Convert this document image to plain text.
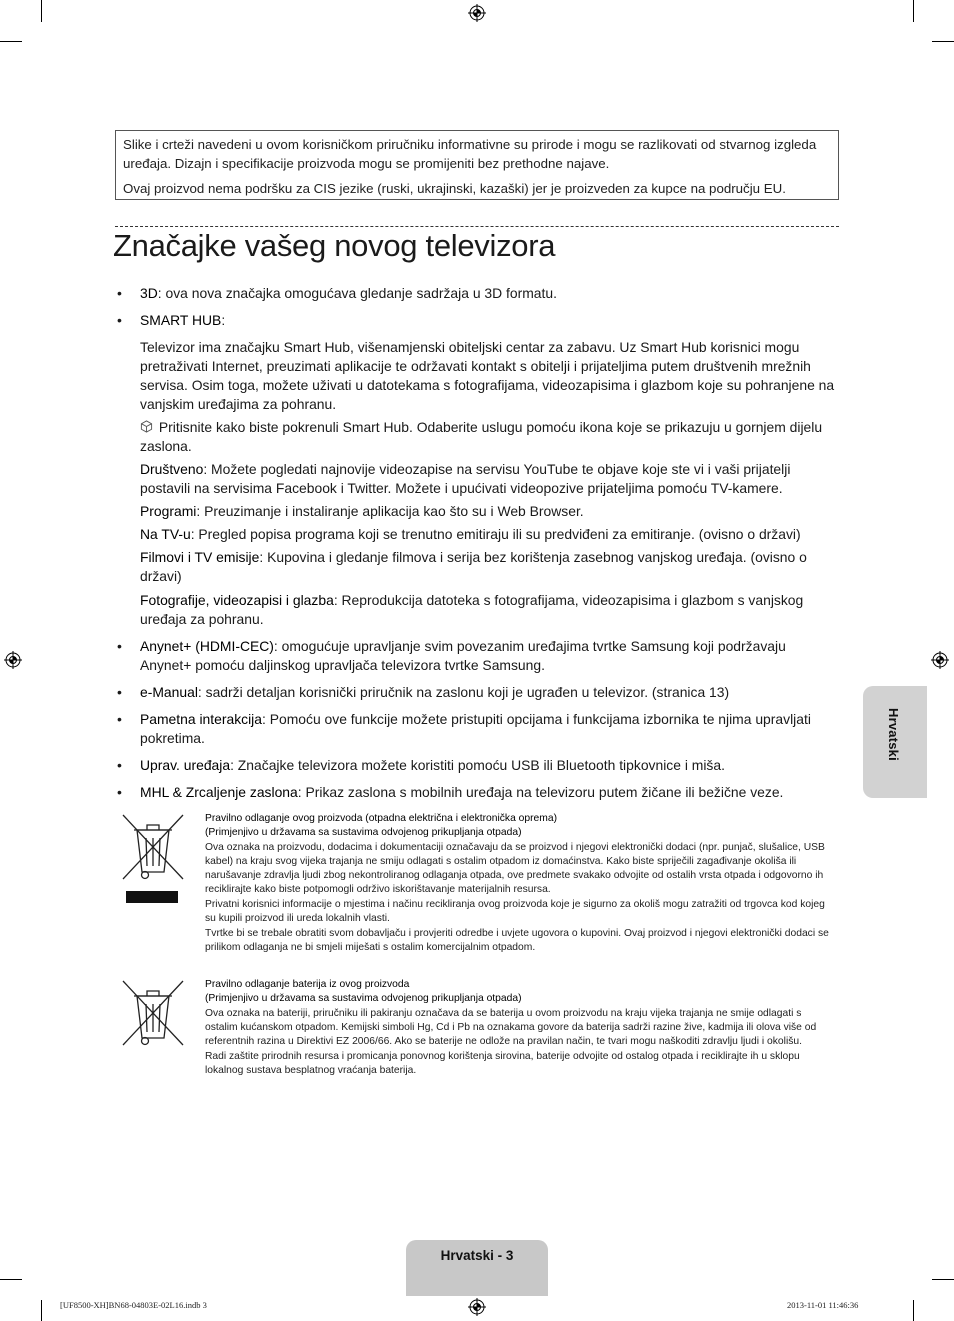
Slike i crteži navedeni u ovom korisničkom priručniku informativne su prirode i mogu se razlikovati od stvarnog izgleda uređaja. Dizajn i specifikacije proizvoda mogu se promijeniti bez prethodne najave.

Ovaj proizvod nema podršku za CIS jezike (ruski, ukrajinski, kazaški) jer je proizveden za kupce na području EU.

Značajke vašeg novog televizora
• 3D: ova nova značajka omogućava gledanje sadržaja u 3D formatu.
• SMART HUB:

Televizor ima značajku Smart Hub, višenamjenski obiteljski centar za zabavu. Uz Smart Hub korisnici mogu pretraživati Internet, preuzimati aplikacije te održavati kontakt s obitelji i prijateljima putem društvenih mrežnih servisa. Osim toga, možete uživati u datotekama s fotografijama, videozapisima i glazbom koje su pohranjene na vanjskim uređajima za pohranu.

Pritisnite kako biste pokrenuli Smart Hub. Odaberite uslugu pomoću ikona koje se prikazuju u gornjem dijelu zaslona.

Društveno: Možete pogledati najnovije videozapise na servisu YouTube te objave koje ste vi i vaši prijatelji postavili na servisima Facebook i Twitter. Možete i upućivati videopozive prijateljima pomoću TV-kamere.

Programi: Preuzimanje i instaliranje aplikacija kao što su i Web Browser.

Na TV-u: Pregled popisa programa koji se trenutno emitiraju ili su predviđeni za emitiranje. (ovisno o državi)

Filmovi i TV emisije: Kupovina i gledanje filmova i serija bez korištenja zasebnog vanjskog uređaja. (ovisno o državi)

Fotografije, videozapisi i glazba: Reprodukcija datoteka s fotografijama, videozapisima i glazbom s vanjskog uređaja za pohranu.

• Anynet+ (HDMI-CEC): omogućuje upravljanje svim povezanim uređajima tvrtke Samsung koji podržavaju Anynet+ pomoću daljinskog upravljača televizora tvrtke Samsung.
• e-Manual: sadrži detaljan korisnički priručnik na zaslonu koji je ugrađen u televizor. (stranica 13)
• Pametna interakcija: Pomoću ove funkcije možete pristupiti opcijama i funkcijama izbornika te njima upravljati pokretima.
• Uprav. uređaja: Značajke televizora možete koristiti pomoću USB ili Bluetooth tipkovnice i miša.
• MHL & Zrcaljenje zaslona: Prikaz zaslona s mobilnih uređaja na televizoru putem žičane ili bežične veze.

Pravilno odlaganje ovog proizvoda (otpadna električna i elektronička oprema)

(Primjenjivo u državama sa sustavima odvojenog prikupljanja otpada)

Ova oznaka na proizvodu, dodacima i dokumentaciji označavaju da se proizvod i njegovi elektronički dodaci (npr. punjač, slušalice, USB kabel) na kraju svog vijeka trajanja ne smiju odlagati s ostalim otpadom iz domaćinstva. Kako biste spriječili zagađivanje okoliša ili narušavanje zdravlja ljudi zbog nekontroliranog odlaganja otpada, ove predmete svakako odvojite od ostalih vrsta otpada i odgovorno ih reciklirajte kako biste potpomogli održivo iskorištavanje materijalnih resursa.

Privatni korisnici informacije o mjestima i načinu recikliranja ovog proizvoda koje je sigurno za okoliš mogu zatražiti od trgovca kod kojeg su kupili proizvod ili ureda lokalnih vlasti.

Tvrtke bi se trebale obratiti svom dobavljaču i provjeriti odredbe i uvjete ugovora o kupovini. Ovaj proizvod i njegovi elektronički dodaci se prilikom odlaganja ne bi smjeli miješati s ostalim komercijalnim otpadom.

Pravilno odlaganje baterija iz ovog proizvoda

(Primjenjivo u državama sa sustavima odvojenog prikupljanja otpada)

Ova oznaka na bateriji, priručniku ili pakiranju označava da se baterija u ovom proizvodu na kraju vijeka trajanja ne smije odlagati s ostalim kućanskom otpadom. Kemijski simboli Hg, Cd i Pb na oznakama govore da baterija sadrži razine žive, kadmija ili olova više od referentnih razina u Direktivi EZ 2006/66. Ako se baterije ne odlože na pravilan način, te tvari mogu naškoditi zdravlju ljudi i okolišu.

Radi zaštite prirodnih resursa i promicanja ponovnog korištenja sirovina, baterije odvojite od ostalog otpada i reciklirajte ih u sklopu lokalnog sustava besplatnog vraćanja baterija.

Hrvatski
Hrvatski - 3
[UF8500-XH]BN68-04803E-02L16.indb 3	2013-11-01 11:46:36
